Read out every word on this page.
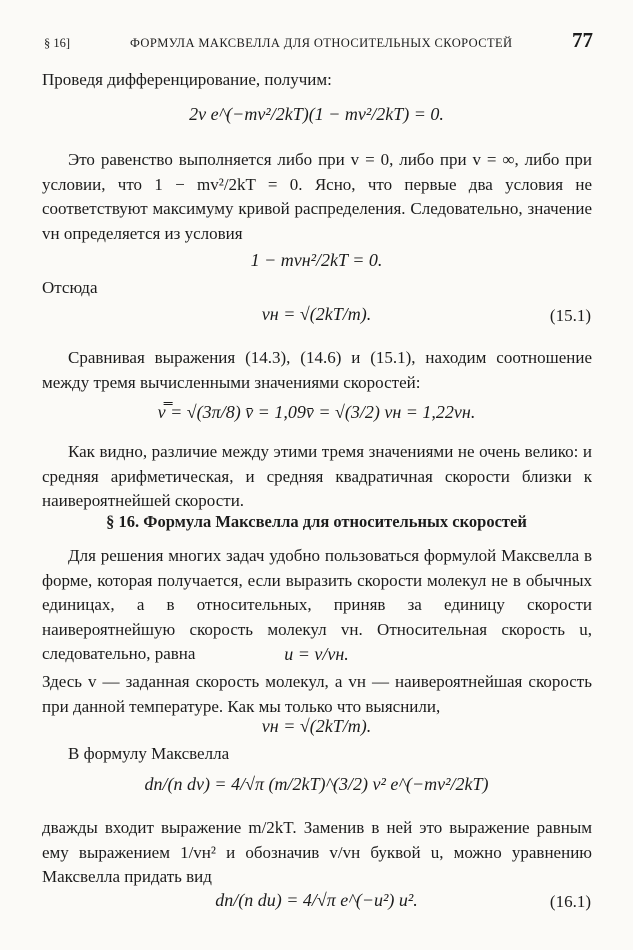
§ 16]	ФОРМУЛА МАКСВЕЛЛА ДЛЯ ОТНОСИТЕЛЬНЫХ СКОРОСТЕЙ	77
Проведя дифференцирование, получим:
2v e^(−mv²/2kT)(1 − mv²/2kT) = 0.
Это равенство выполняется либо при v = 0, либо при v = ∞, либо при условии, что 1 − mv²/2kT = 0. Ясно, что первые два условия не соответствуют максимуму кривой распределения. Следовательно, значение vн определяется из условия
1 − mvн²/2kT = 0.
Отсюда
vн = √(2kT/m).	(15.1)
Сравнивая выражения (14.3), (14.6) и (15.1), находим соотношение между тремя вычисленными значениями скоростей:
v̿ = √(3π/8) v̄ = 1,09v̄ = √(3/2) vн = 1,22vн.
Как видно, различие между этими тремя значениями не очень велико: и средняя арифметическая, и средняя квадратичная скорости близки к наивероятнейшей скорости.
§ 16. Формула Максвелла для относительных скоростей
Для решения многих задач удобно пользоваться формулой Максвелла в форме, которая получается, если выразить скорости молекул не в обычных единицах, а в относительных, приняв за единицу скорости наивероятнейшую скорость молекул vн. Относительная скорость u, следовательно, равна	u = v/vн.
Здесь v — заданная скорость молекул, а vн — наивероятнейшая скорость при данной температуре. Как мы только что выяснили,
vн = √(2kT/m).
В формулу Максвелла
dn/(n dv) = 4/√π (m/2kT)^(3/2) v² e^(−mv²/2kT)
дважды входит выражение m/2kT. Заменив в ней это выражение равным ему выражением 1/vн² и обозначив v/vн буквой u, можно уравнению Максвелла придать вид
dn/(n du) = 4/√π e^(−u²) u².	(16.1)
